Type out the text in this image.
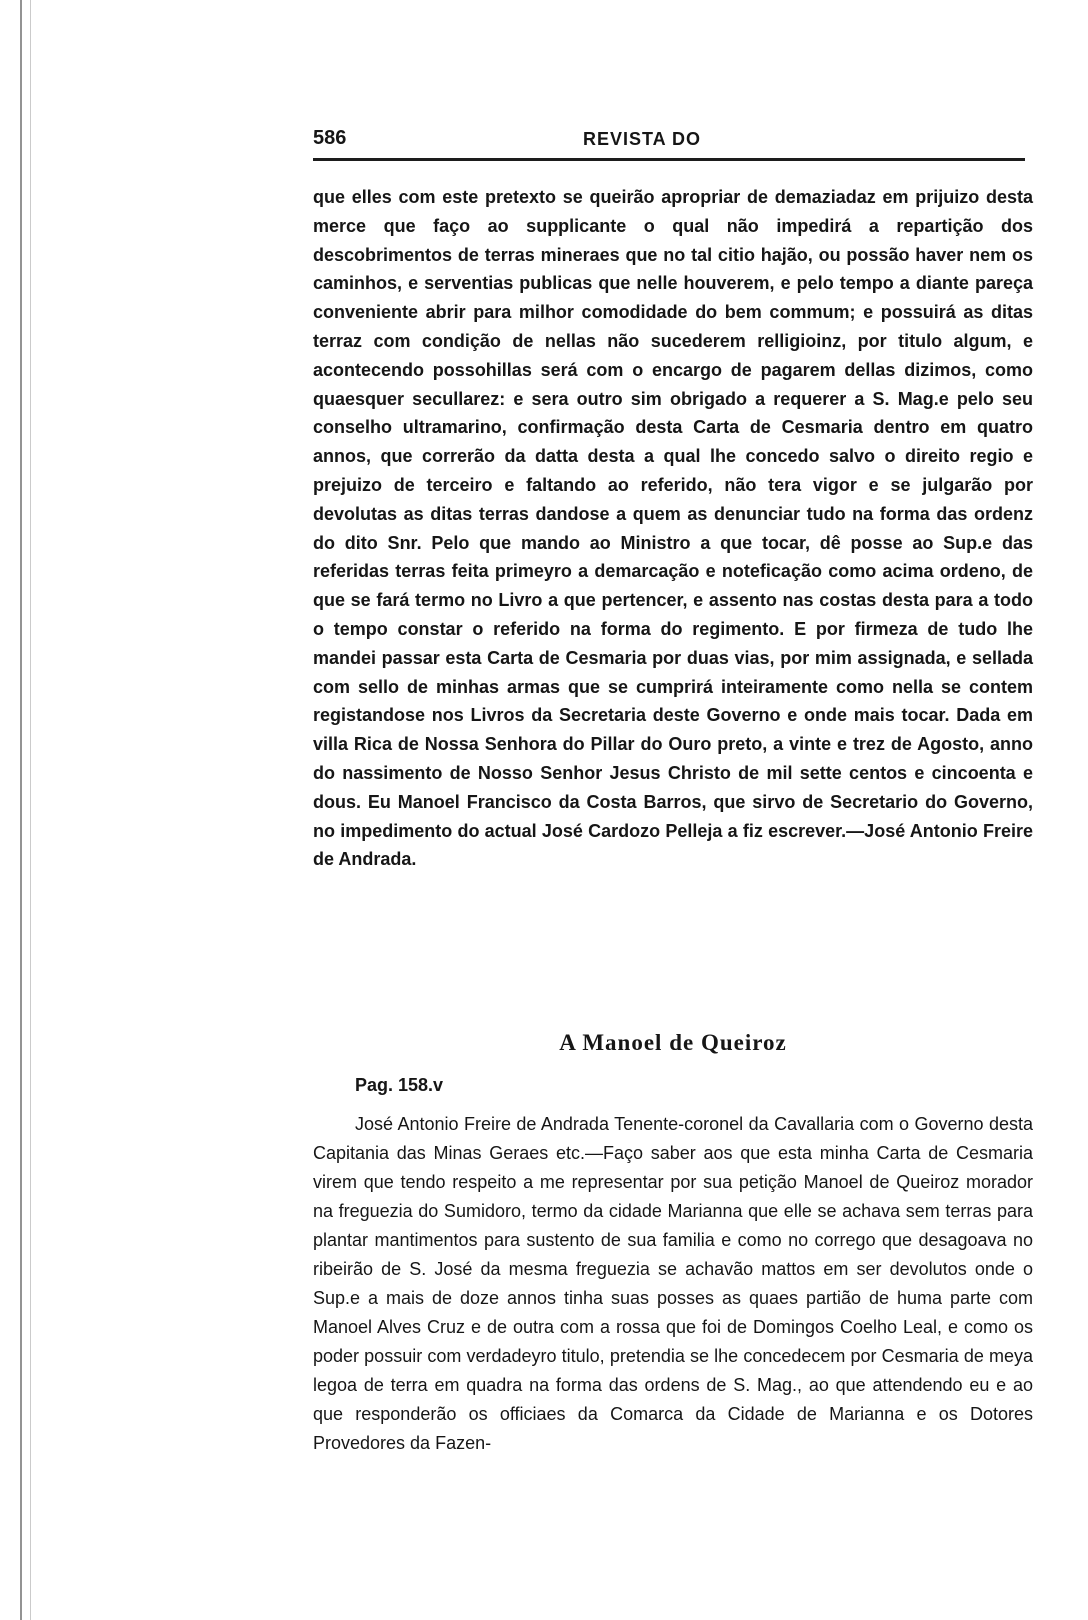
586	REVISTA DO

que elles com este pretexto se queirão apropriar de demaziadaz em prijuizo desta merce que faço ao supplicante o qual não impedirá a repartição dos descobrimentos de terras mineraes que no tal citio hajão, ou possão haver nem os caminhos, e serventias publicas que nelle houverem, e pelo tempo a diante pareça conveniente abrir para milhor comodidade do bem commum; e possuirá as ditas terraz com condição de nellas não sucederem relligioinz, por titulo algum, e acontecendo possohillas será com o encargo de pagarem dellas dizimos, como quaesquer secullarez: e sera outro sim obrigado a requerer a S. Mag.e pelo seu conselho ultramarino, confirmação desta Carta de Cesmaria dentro em quatro annos, que correrão da datta desta a qual lhe concedo salvo o direito regio e prejuizo de terceiro e faltando ao referido, não tera vigor e se julgarão por devolutas as ditas terras dandose a quem as denunciar tudo na forma das ordenz do dito Snr. Pelo que mando ao Ministro a que tocar, dê posse ao Sup.e das referidas terras feita primeyro a demarcação e noteficação como acima ordeno, de que se fará termo no Livro a que pertencer, e assento nas costas desta para a todo o tempo constar o referido na forma do regimento. E por firmeza de tudo lhe mandei passar esta Carta de Cesmaria por duas vias, por mim assignada, e sellada com sello de minhas armas que se cumprirá inteiramente como nella se contem registandose nos Livros da Secretaria deste Governo e onde mais tocar. Dada em villa Rica de Nossa Senhora do Pillar do Ouro preto, a vinte e trez de Agosto, anno do nassimento de Nosso Senhor Jesus Christo de mil sette centos e cincoenta e dous. Eu Manoel Francisco da Costa Barros, que sirvo de Secretario do Governo, no impedimento do actual José Cardozo Pelleja a fiz escrever.—José Antonio Freire de Andrada.

A Manoel de Queiroz
Pag. 158.v

José Antonio Freire de Andrada Tenente-coronel da Cavallaria com o Governo desta Capitania das Minas Geraes etc.—Faço saber aos que esta minha Carta de Cesmaria virem que tendo respeito a me representar por sua petição Manoel de Queiroz morador na freguezia do Sumidoro, termo da cidade Marianna que elle se achava sem terras para plantar mantimentos para sustento de sua familia e como no corrego que desagoava no ribeirão de S. José da mesma freguezia se achavão mattos em ser devolutos onde o Sup.e a mais de doze annos tinha suas posses as quaes partião de huma parte com Manoel Alves Cruz e de outra com a rossa que foi de Domingos Coelho Leal, e como os poder possuir com verdadeyro titulo, pretendia se lhe concedecem por Cesmaria de meya legoa de terra em quadra na forma das ordens de S. Mag., ao que attendendo eu e ao que responderão os officiaes da Comarca da Cidade de Marianna e os Dotores Provedores da Fazen-
